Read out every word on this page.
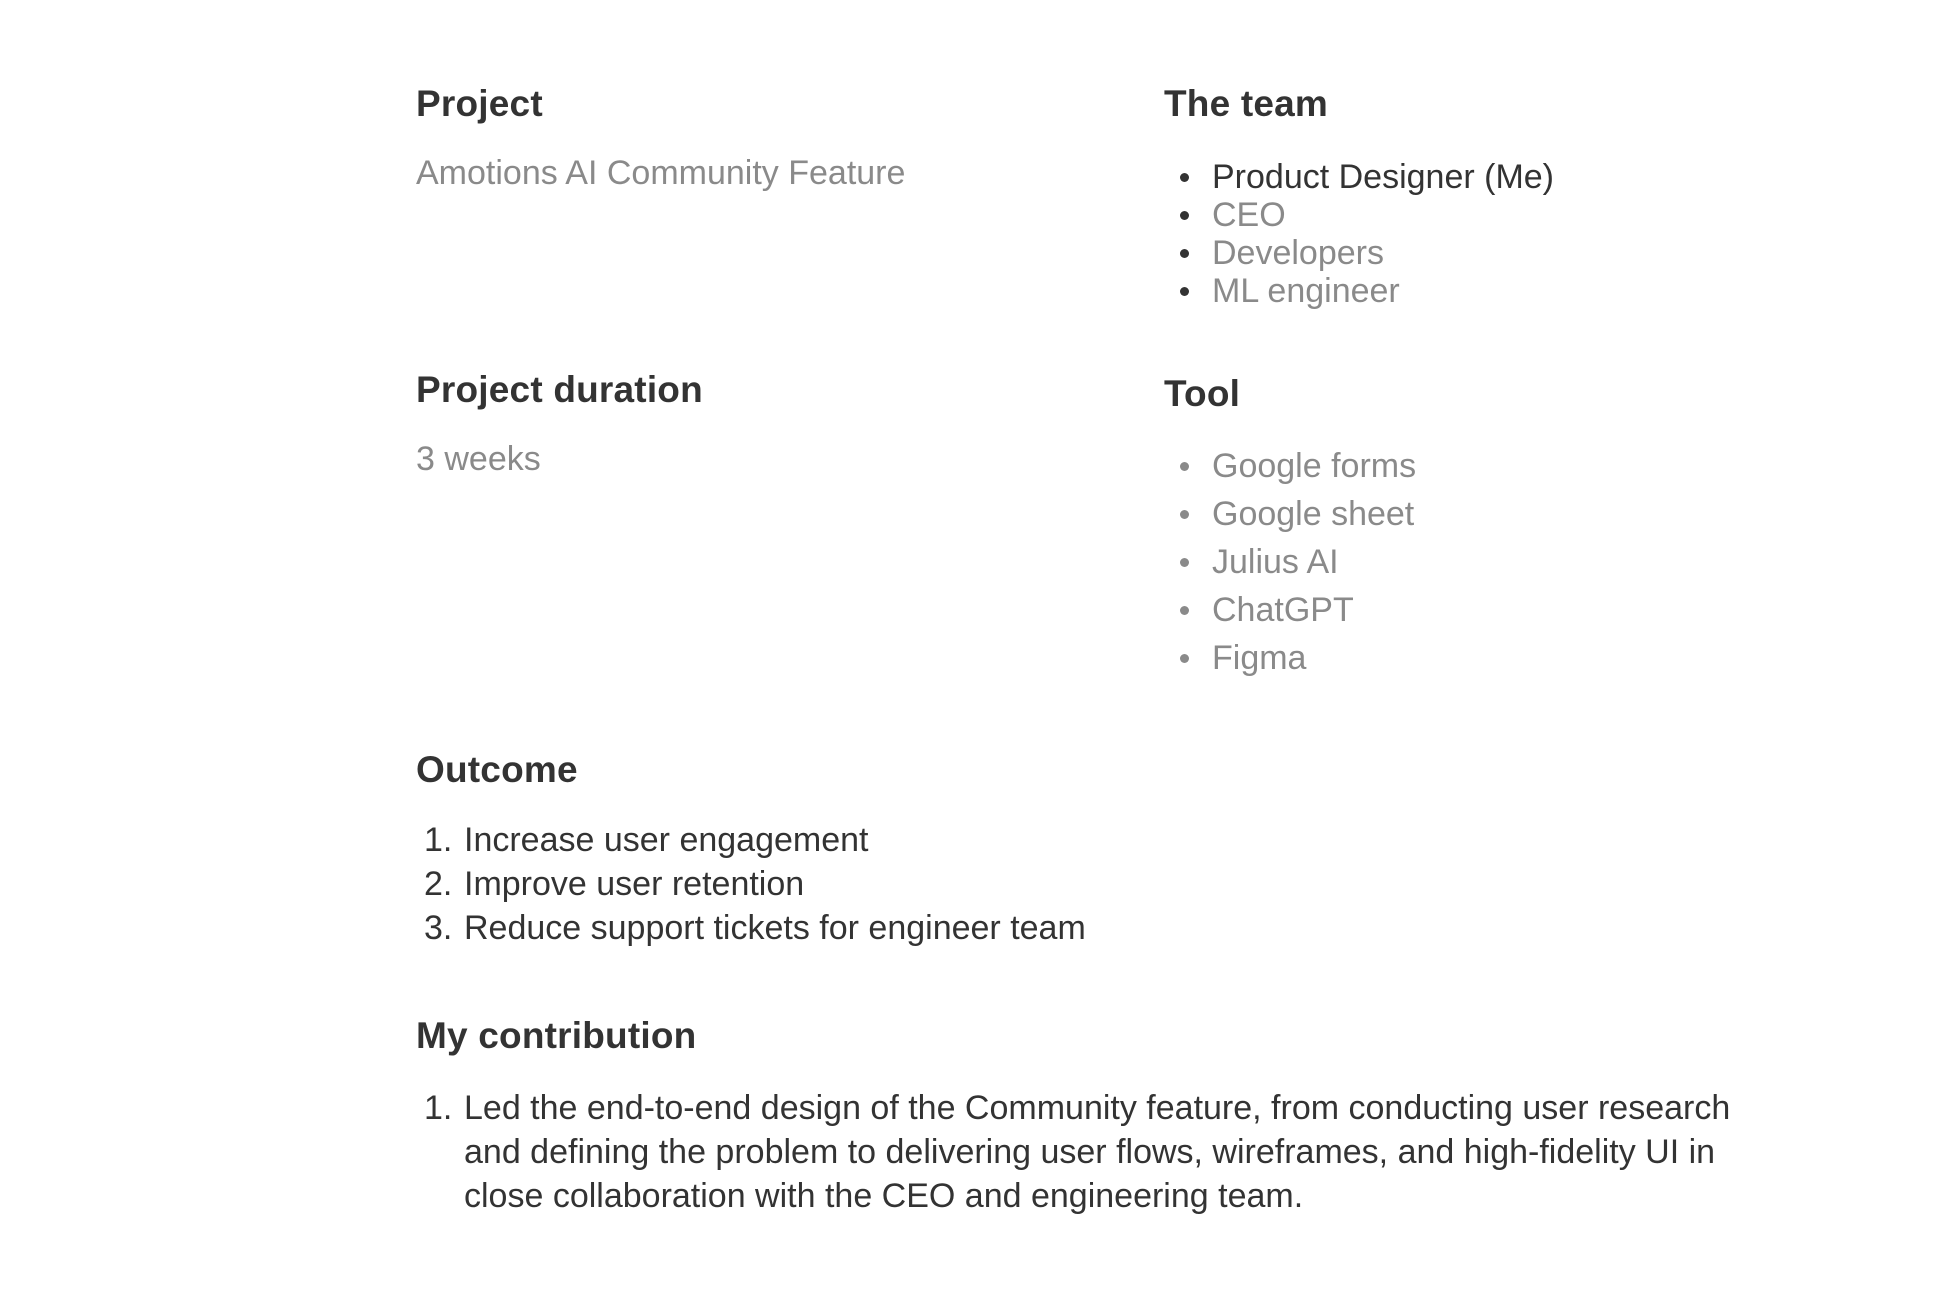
Project

Amotions AI Community Feature

The team
Product Designer (Me)
CEO
Developers
ML engineer
Project duration

3 weeks

Tool
Google forms
Google sheet
Julius AI
ChatGPT
Figma
Outcome
1. Increase user engagement
2. Improve user retention
3. Reduce support tickets for engineer team
My contribution
1. Led the end-to-end design of the Community feature, from conducting user research and defining the problem to delivering user flows, wireframes, and high-fidelity UI in close collaboration with the CEO and engineering team.
